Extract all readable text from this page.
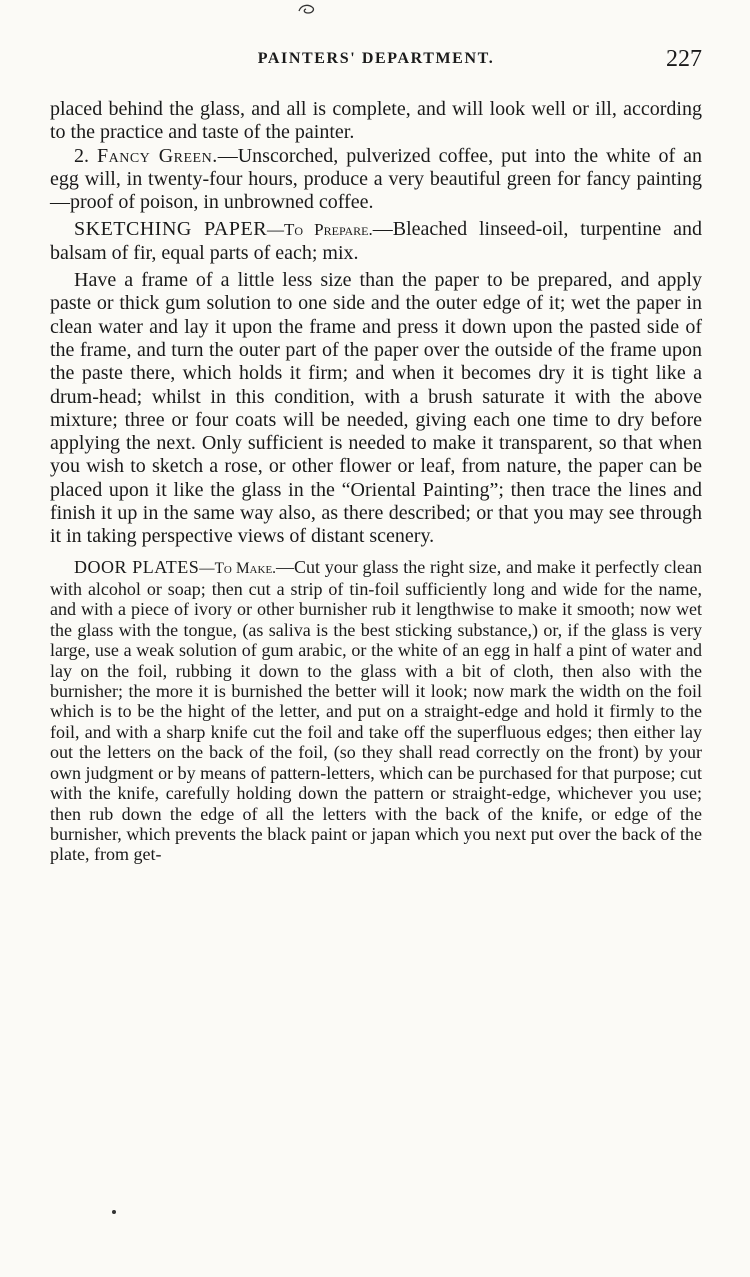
PAINTERS' DEPARTMENT.	227

placed behind the glass, and all is complete, and will look well or ill, according to the practice and taste of the painter.

2. Fancy Green.—Unscorched, pulverized coffee, put into the white of an egg will, in twenty-four hours, produce a very beautiful green for fancy painting—proof of poison, in unbrowned coffee.

SKETCHING PAPER—To Prepare.—Bleached linseed-oil, turpentine and balsam of fir, equal parts of each; mix.

Have a frame of a little less size than the paper to be prepared, and apply paste or thick gum solution to one side and the outer edge of it; wet the paper in clean water and lay it upon the frame and press it down upon the pasted side of the frame, and turn the outer part of the paper over the outside of the frame upon the paste there, which holds it firm; and when it becomes dry it is tight like a drum-head; whilst in this condition, with a brush saturate it with the above mixture; three or four coats will be needed, giving each one time to dry before applying the next. Only sufficient is needed to make it transparent, so that when you wish to sketch a rose, or other flower or leaf, from nature, the paper can be placed upon it like the glass in the “Oriental Painting”; then trace the lines and finish it up in the same way also, as there described; or that you may see through it in taking perspective views of distant scenery.

DOOR PLATES—To Make.—Cut your glass the right size, and make it perfectly clean with alcohol or soap; then cut a strip of tin-foil sufficiently long and wide for the name, and with a piece of ivory or other burnisher rub it lengthwise to make it smooth; now wet the glass with the tongue, (as saliva is the best sticking substance,) or, if the glass is very large, use a weak solution of gum arabic, or the white of an egg in half a pint of water and lay on the foil, rubbing it down to the glass with a bit of cloth, then also with the burnisher; the more it is burnished the better will it look; now mark the width on the foil which is to be the hight of the letter, and put on a straight-edge and hold it firmly to the foil, and with a sharp knife cut the foil and take off the superfluous edges; then either lay out the letters on the back of the foil, (so they shall read correctly on the front) by your own judgment or by means of pattern-letters, which can be purchased for that purpose; cut with the knife, carefully holding down the pattern or straight-edge, whichever you use; then rub down the edge of all the letters with the back of the knife, or edge of the burnisher, which prevents the black paint or japan which you next put over the back of the plate, from get-
